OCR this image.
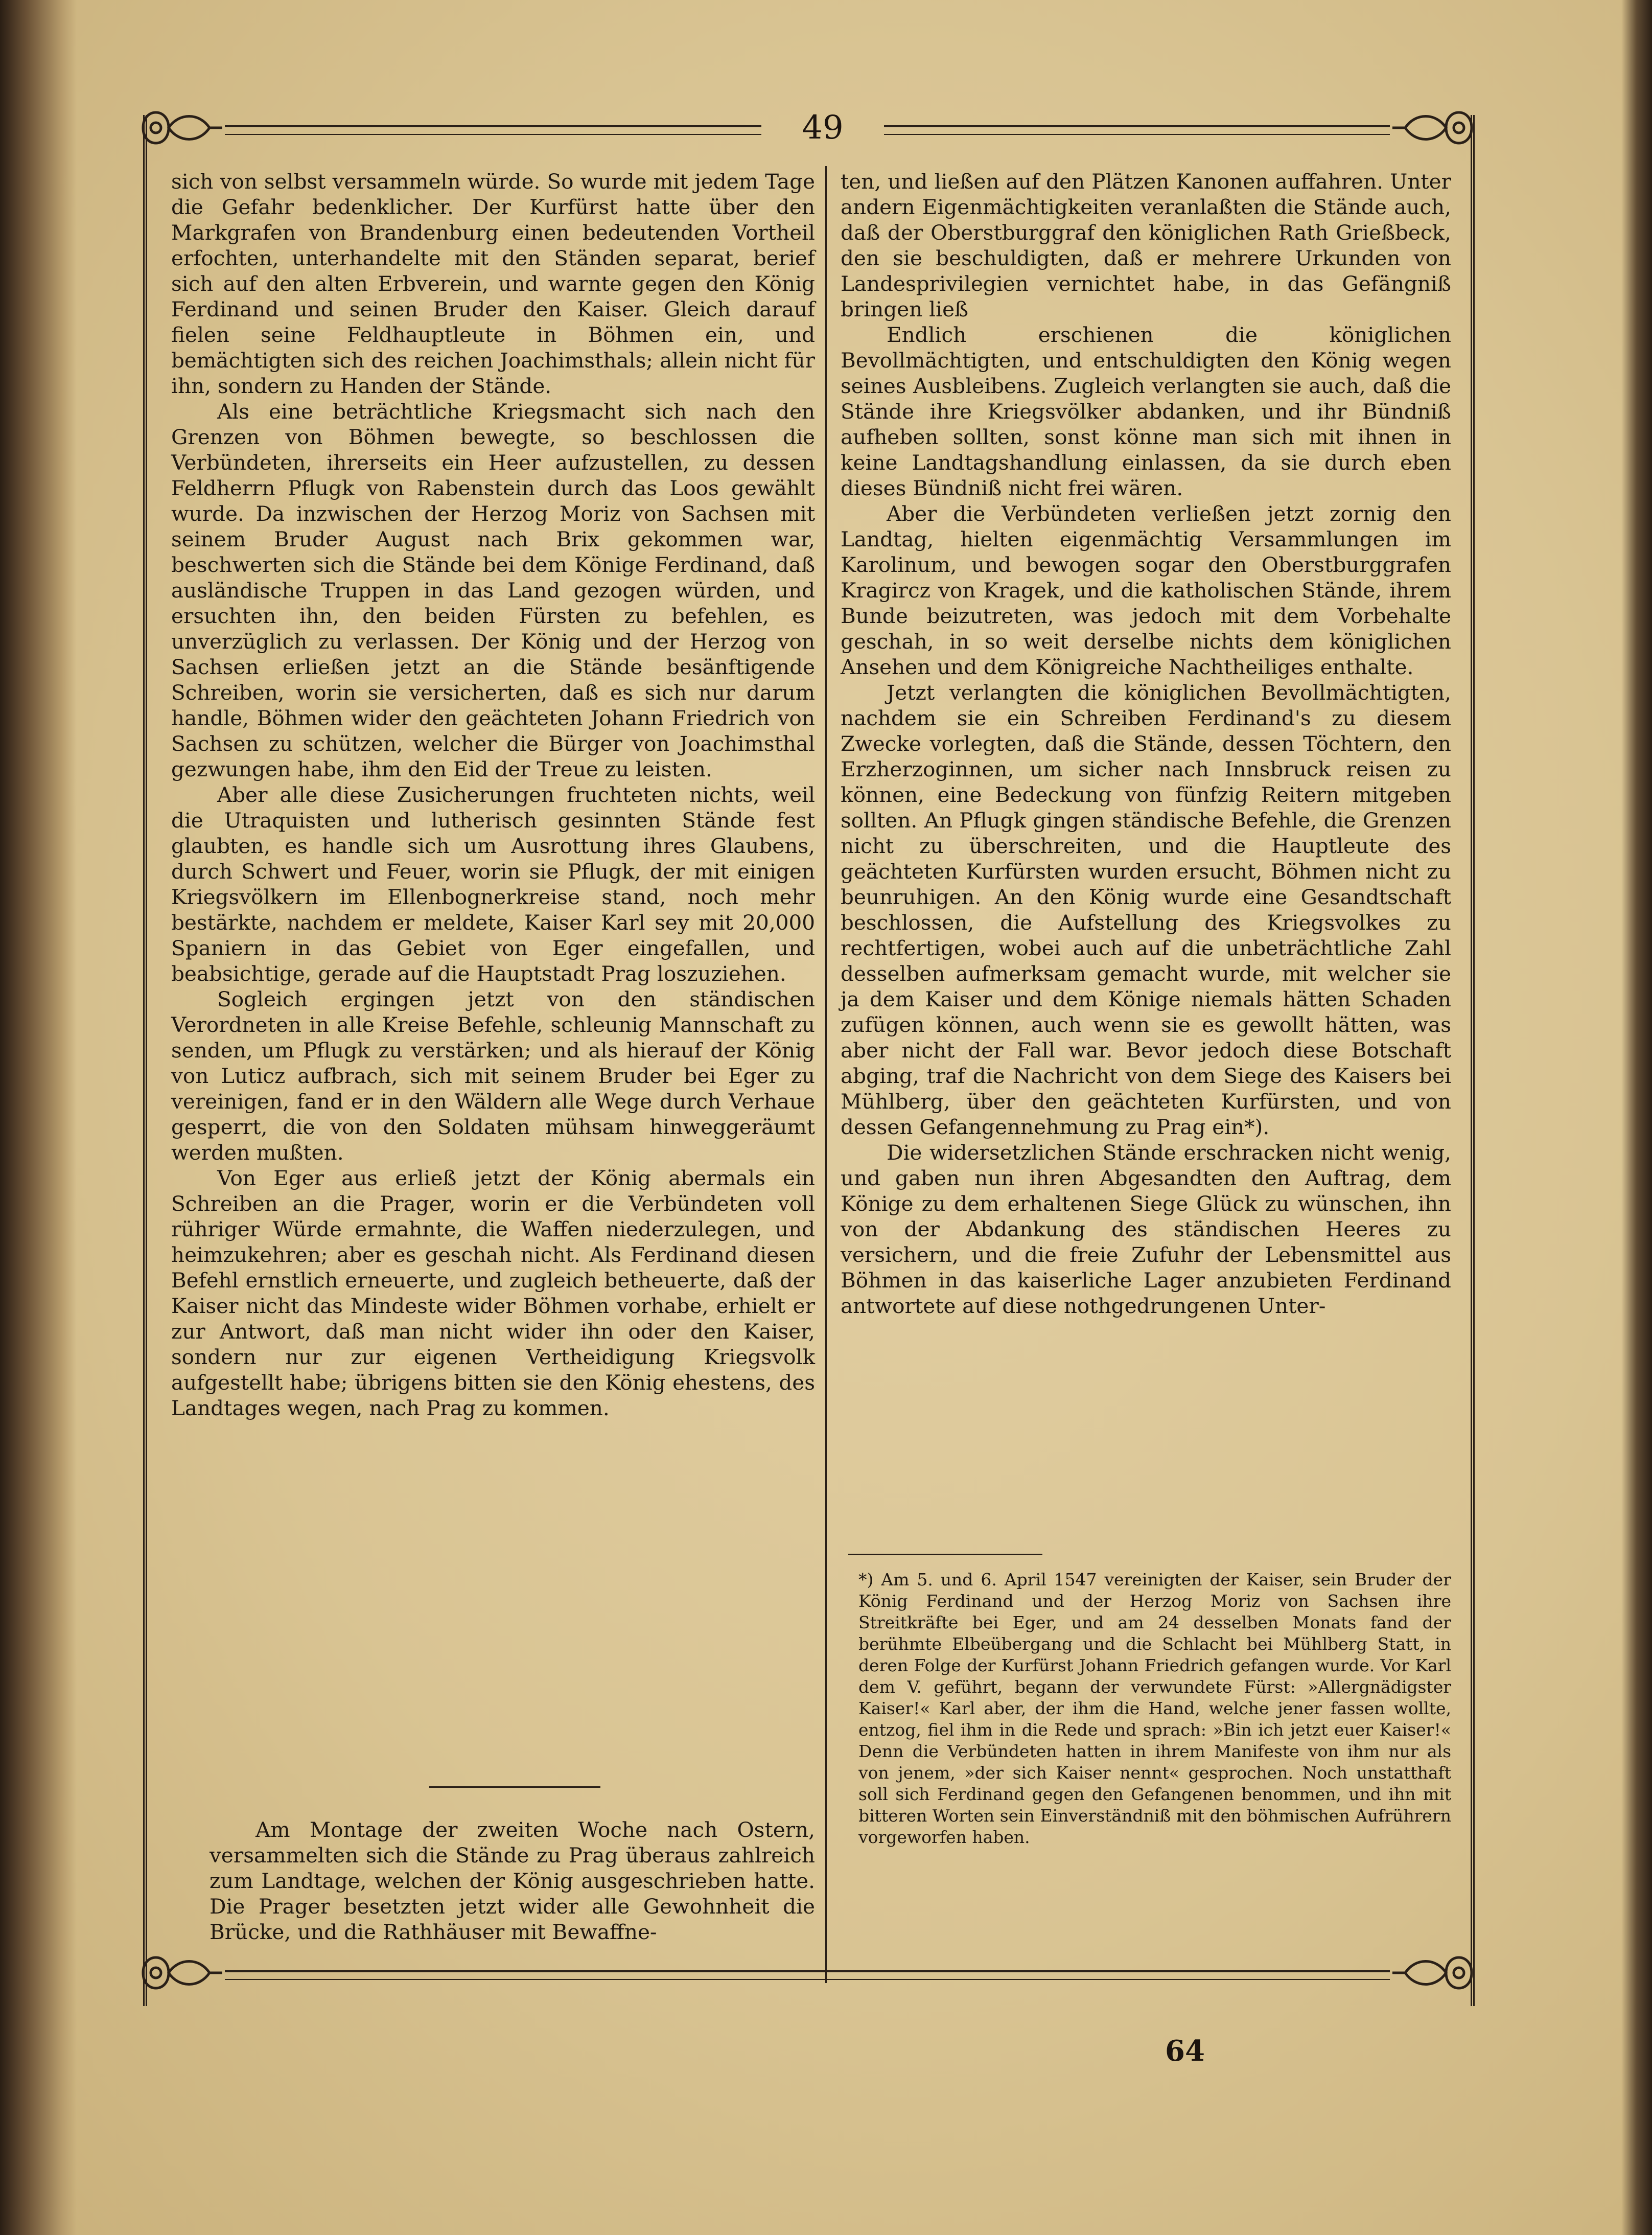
49

sich von selbst versammeln würde. So wurde mit jedem Tage die Gefahr bedenklicher. Der Kurfürst hatte über den Markgrafen von Brandenburg einen bedeutenden Vortheil erfochten, unterhandelte mit den Ständen separat, berief sich auf den alten Erbverein, und warnte gegen den König Ferdinand und seinen Bruder den Kaiser. Gleich darauf fielen seine Feldhauptleute in Böhmen ein, und bemächtigten sich des reichen Joachimsthals; allein nicht für ihn, sondern zu Handen der Stände.

Als eine beträchtliche Kriegsmacht sich nach den Grenzen von Böhmen bewegte, so beschlossen die Verbündeten, ihrerseits ein Heer aufzustellen, zu dessen Feldherrn Pflugk von Rabenstein durch das Loos gewählt wurde. Da inzwischen der Herzog Moriz von Sachsen mit seinem Bruder August nach Brix gekommen war, beschwerten sich die Stände bei dem Könige Ferdinand, daß ausländische Truppen in das Land gezogen würden, und ersuchten ihn, den beiden Fürsten zu befehlen, es unverzüglich zu verlassen. Der König und der Herzog von Sachsen erließen jetzt an die Stände besänftigende Schreiben, worin sie versicherten, daß es sich nur darum handle, Böhmen wider den geächteten Johann Friedrich von Sachsen zu schützen, welcher die Bürger von Joachimsthal gezwungen habe, ihm den Eid der Treue zu leisten.

Aber alle diese Zusicherungen fruchteten nichts, weil die Utraquisten und lutherisch gesinnten Stände fest glaubten, es handle sich um Ausrottung ihres Glaubens, durch Schwert und Feuer, worin sie Pflugk, der mit einigen Kriegsvölkern im Ellenbognerkreise stand, noch mehr bestärkte, nachdem er meldete, Kaiser Karl sey mit 20,000 Spaniern in das Gebiet von Eger eingefallen, und beabsichtige, gerade auf die Hauptstadt Prag loszuziehen.

Sogleich ergingen jetzt von den ständischen Verordneten in alle Kreise Befehle, schleunig Mannschaft zu senden, um Pflugk zu verstärken; und als hierauf der König von Luticz aufbrach, sich mit seinem Bruder bei Eger zu vereinigen, fand er in den Wäldern alle Wege durch Verhaue gesperrt, die von den Soldaten mühsam hinweggeräumt werden mußten.

Von Eger aus erließ jetzt der König abermals ein Schreiben an die Prager, worin er die Verbündeten voll rühriger Würde ermahnte, die Waffen niederzulegen, und heimzukehren; aber es geschah nicht. Als Ferdinand diesen Befehl ernstlich erneuerte, und zugleich betheuerte, daß der Kaiser nicht das Mindeste wider Böhmen vorhabe, erhielt er zur Antwort, daß man nicht wider ihn oder den Kaiser, sondern nur zur eigenen Vertheidigung Kriegsvolk aufgestellt habe; übrigens bitten sie den König ehestens, des Landtages wegen, nach Prag zu kommen.

Am Montage der zweiten Woche nach Ostern, versammelten sich die Stände zu Prag überaus zahlreich zum Landtage, welchen der König ausgeschrieben hatte. Die Prager besetzten jetzt wider alle Gewohnheit die Brücke, und die Rathhäuser mit Bewaffne-

ten, und ließen auf den Plätzen Kanonen auffahren. Unter andern Eigenmächtigkeiten veranlaßten die Stände auch, daß der Oberstburggraf den königlichen Rath Grießbeck, den sie beschuldigten, daß er mehrere Urkunden von Landesprivilegien vernichtet habe, in das Gefängniß bringen ließ

Endlich erschienen die königlichen Bevollmächtigten, und entschuldigten den König wegen seines Ausbleibens. Zugleich verlangten sie auch, daß die Stände ihre Kriegsvölker abdanken, und ihr Bündniß aufheben sollten, sonst könne man sich mit ihnen in keine Landtagshandlung einlassen, da sie durch eben dieses Bündniß nicht frei wären.

Aber die Verbündeten verließen jetzt zornig den Landtag, hielten eigenmächtig Versammlungen im Karolinum, und bewogen sogar den Oberstburggrafen Kragircz von Kragek, und die katholischen Stände, ihrem Bunde beizutreten, was jedoch mit dem Vorbehalte geschah, in so weit derselbe nichts dem königlichen Ansehen und dem Königreiche Nachtheiliges enthalte.

Jetzt verlangten die königlichen Bevollmächtigten, nachdem sie ein Schreiben Ferdinand's zu diesem Zwecke vorlegten, daß die Stände, dessen Töchtern, den Erzherzoginnen, um sicher nach Innsbruck reisen zu können, eine Bedeckung von fünfzig Reitern mitgeben sollten. An Pflugk gingen ständische Befehle, die Grenzen nicht zu überschreiten, und die Hauptleute des geächteten Kurfürsten wurden ersucht, Böhmen nicht zu beunruhigen. An den König wurde eine Gesandtschaft beschlossen, die Aufstellung des Kriegsvolkes zu rechtfertigen, wobei auch auf die unbeträchtliche Zahl desselben aufmerksam gemacht wurde, mit welcher sie ja dem Kaiser und dem Könige niemals hätten Schaden zufügen können, auch wenn sie es gewollt hätten, was aber nicht der Fall war. Bevor jedoch diese Botschaft abging, traf die Nachricht von dem Siege des Kaisers bei Mühlberg, über den geächteten Kurfürsten, und von dessen Gefangennehmung zu Prag ein*).

Die widersetzlichen Stände erschracken nicht wenig, und gaben nun ihren Abgesandten den Auftrag, dem Könige zu dem erhaltenen Siege Glück zu wünschen, ihn von der Abdankung des ständischen Heeres zu versichern, und die freie Zufuhr der Lebensmittel aus Böhmen in das kaiserliche Lager anzubieten Ferdinand antwortete auf diese nothgedrungenen Unter-

*) Am 5. und 6. April 1547 vereinigten der Kaiser, sein Bruder der König Ferdinand und der Herzog Moriz von Sachsen ihre Streitkräfte bei Eger, und am 24 desselben Monats fand der berühmte Elbeübergang und die Schlacht bei Mühlberg Statt, in deren Folge der Kurfürst Johann Friedrich gefangen wurde. Vor Karl dem V. geführt, begann der verwundete Fürst: »Allergnädigster Kaiser!« Karl aber, der ihm die Hand, welche jener fassen wollte, entzog, fiel ihm in die Rede und sprach: »Bin ich jetzt euer Kaiser!« Denn die Verbündeten hatten in ihrem Manifeste von ihm nur als von jenem, »der sich Kaiser nennt« gesprochen. Noch unstatthaft soll sich Ferdinand gegen den Gefangenen benommen, und ihn mit bitteren Worten sein Einverständniß mit den böhmischen Aufrührern vorgeworfen haben.
64
